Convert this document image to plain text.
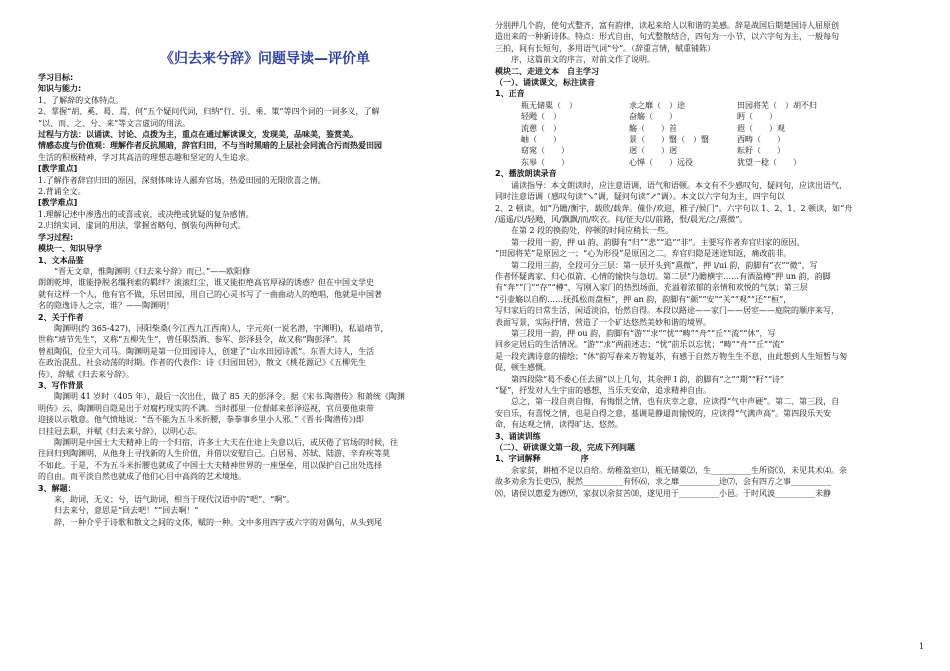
《归去来兮辞》问题导读—评价单

学习目标:

知识与能力:

1、了解辞的文体特点。

2、掌握“胡、奚、曷、焉、何”五个疑问代词，归纳“行、引、乘、策”等四个词的一词多义，了解

“以、而、之、兮、来”等文言虚词的用法。

过程与方法：以诵读、讨论、点拨为主，重点在通过解读课文，发现美，品味美，鉴赏美。

情感态度与价值观：理解作者反抗黑暗，辞官归田，不与当时黑暗的上层社会同流合污而热爱田园

生活的积极精神，学习其高洁的理想志趣和坚定的人生追求。

[教学重点]

1.了解作者辞官归田的原因，深刻体味诗人鄙弃官场，热爱田园的无限欣喜之情。

2.背诵全文。

[教学难点]

1.理解记述中渗透出的或喜或哀，或决绝或犹疑的复杂感情。

2.归纳实词、虚词的用法，掌握省略句、倒装句两种句式。

学习过程:

模块一、知识导学

1、文本品鉴

“晋无文章，惟陶渊明《归去来兮辞》而已。”——欧阳修

朗朗乾坤，谁能挣脱名缰利索的羁绊？滚滚红尘，谁又能拒绝高官厚禄的诱惑？但在中国文学史

就有这样一个人，他有官不做，乐居田园，用自己的心灵书写了一曲曲动人的绝唱，他就是中国著

名的隐逸诗人之宗，谁？——陶渊明！

2、关于作者

陶渊明(约 365-427)，浔阳柴桑(今江西九江西南)人，字元亮(一说名潜，字渊明)，私谥靖节，

世称“靖节先生”，又称“五柳先生”，曾任职祭酒、参军、彭泽县令，故又称“陶彭泽”。其

曾祖陶侃，位至大司马。陶渊明是第一位田园诗人，创建了“山水田园诗派”。东晋大诗人，生活

在政治混乱、社会动荡的时期。作者的代表作：诗《归园田居》，散文《桃花源记》《五柳先生

传》，辞赋《归去来兮辞》。

3、写作背景

陶渊明 41 岁时（405 年），最后一次出仕，做了 85 天的彭泽令。据《宋书.陶潜传》和萧统《陶渊

明传》云，陶渊明自隐是出于对腐朽现实的不满。当时郡里一位督邮来彭泽巡视，官员要他束带

迎接以示敬意。他气愤地说：“吾不能为五斗米折腰，拳拳事乡里小人邪。”《晋书·陶潜传》)即

日挂冠去职，并赋《归去来兮辞》，以明心志。

陶渊明是中国士大夫精神上的一个归宿，许多士大夫在仕途上失意以后，或厌倦了官场的时候，往

往回归到陶渊明，从他身上寻找新的人生价值，并借以安慰自己。白居易、苏轼、陆游、辛弃疾等莫

不如此。于是，不为五斗米折腰也就成了中国士大夫精神世界的一座堡垒，用以保护自己出处选择

的自由。而平淡自然也就成了他们心目中高尚的艺术境地。

3、解题：

来，助词，无义；兮，语气助词，相当于现代汉语中的“吧”、“啊”。

归去来兮，意思是“回去吧！”“回去啊！”

辞，一种介乎于诗歌和散文之间的文体，赋的一种。文中多用四字或六字的对偶句，从头到尾

分别押几个韵，使句式整齐，富有韵律，读起来给人以和谐的美感。辞是战国后期楚国诗人屈原创

造出来的一种新诗体。特点：形式自由，句式整散结合，四句为一小节，以六字句为主，一般每句

三拍，间有长短句，多用语气词“兮”。（辞重言情，赋重铺陈）

序，这篇前文的序言，对前文作了说明。

模块二、走进文本　自主学习

（一）、诵读课文，标注读音

1、正音

瓶无储粟（　）	求之靡（　）途	田园将芜（　）胡不归
轻飏（　）	奋觞（　　）	眄（　　）
流憩（　）	觞（　　）首	遐（　　）观
岫（　　）	景（　　）翳（　）翳	西畴（　　）
窈窕（　　）	迥（　　）迥	耘耔（　　）
东皋（　　）	心惮（　　）远役	犹望一稔（　　）

2、播放朗读录音

诵读指导：本文朗读时，应注意语调，语气和语顿。本文有不少感叹句、疑问句，应读出语气，

同时注意语调（感叹句读“↘”调，疑问句读“↗”调）。本文以六字句为主，四字句以

2、2 顿读，如“乃瞻/衡宇，载欣/载奔。僮仆/欢迎，稚子/候门”。六字句以 1、2、1、2 顿读，如“舟

/遥遥/以/轻飏，风/飘飘/而/吹衣。问/征夫/以/前路，恨/晨光/之/熹微”。

在第 2 段的换韵处，停顿的时间应稍长一些。

第一段用一韵，押 ui 韵，韵脚有“归”“悲”“追”“非”。主要写作者弃官归家的原因。

“田园将芜”是原因之一；“心为形役”是原因之二。弃官归隐是迷途知返，痛改前非。

第二段用三韵，全段可分三层：第一层开头到“熹微”，押 i/ui 韵，韵脚有“衣”“微”，写

作者怀疑离家、归心似箭、心情的愉快与急切。第二层“乃瞻横宇……有酒盈樽”押 un 韵，韵脚

有“奔”“门”“存”“樽”，写刚入家门的热烈场面，充溢着浓郁的亲情和欢悦的气氛；第三层

“引壶觞以自酌……抚孤松而盘桓”，押 an 韵，韵脚有“颜”“安”“关”“观”“还”“桓”，

写归家后的日常生活，闲适淡泊，怡然自得。本段以路途——家门——居室——庭院的顺序来写，

表面写景，实际抒情，营造了一个矿达悠然美妙和谐的境界。

第三段用一韵，押 ou 韵，韵脚有“游”“求”“忧”“畴”“舟”“丘”“流”“休”，写

回乡定居后的生活情况。“游”“求”两前述志；“忧”前乐以忘忧；“畴”“舟”“丘”“流”

是一段充满诗意的描绘；“休”韵写春来万物复苏，有感于自然万物生生不息，由此想到人生短暂与匆

促，顿生感慨。

第四段除“曷不委心任去留”以上几句，其余押 I 韵，韵脚有“之”“期”“籽”“诗”

“疑”，抒发对人生宇宙的感想，当乐天安命，追求精神自由。

总之，第一段自责自悔，有悔恨之情，也有庆幸之意，应读得“气中声硬”。第二、第三段，自

安自乐，有喜悦之情，也是自得之意，基调是静逼而愉悦的，应读得“气满声高”。第四段乐天安

命，有达观之情，读得旷达、悠然。

3、诵读训练

（二）、研读课文第一段，完成下列问题

1、字词解释　　　　　序

余家贫，耕植不足以自给。幼稚盈室⑴，瓶无储粟⑵，生__________生所资⑶，未见其术⑷。亲

故多劝余为长吏⑸，脱然__________有怀⑹，求之靡__________途⑺，会有四方之事__________

⑻，诸侯以惠爱为德⑼，家叔以余贫苦⑽，遂见用于__________小邑。于时风波__________未静

1
